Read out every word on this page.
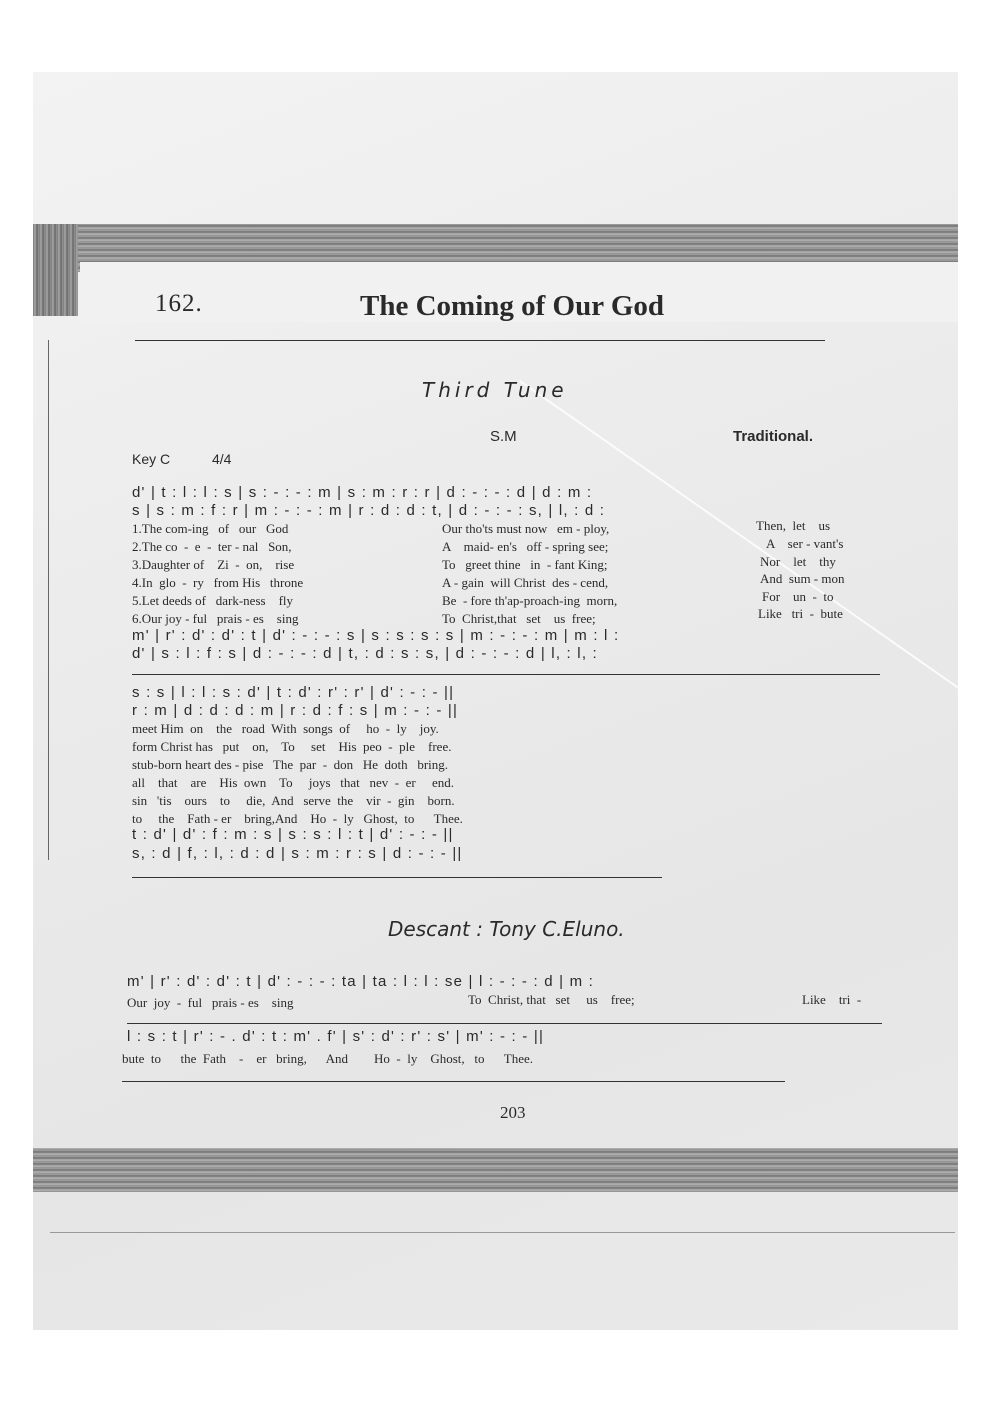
162.	The Coming of Our God
Third Tune
S.M	Traditional.
Key C	4/4
d' | t : l : l : s | s : - : - : m | s : m : r : r | d : - : - : d | d : m :
s | s : m : f : r | m : - : - : m | r : d : d : t, | d : - : - : s, | l, : d :
1.The com-ing   of   our   God	Our tho'ts must now   em - ploy,	Then,  let    us
2.The co  -  e  -  ter - nal   Son,	A    maid- en's   off - spring see;	A    ser - vant's
3.Daughter of    Zi  -  on,    rise	To   greet thine   in  - fant King;	Nor    let    thy
4.In  glo  -  ry   from His   throne	A - gain  will Christ  des - cend,	And  sum - mon
5.Let deeds of   dark-ness    fly	Be  - fore th'ap-proach-ing  morn,	For    un  -  to
6.Our joy - ful   prais - es    sing	To  Christ,that   set    us  free;	Like   tri  -  bute
m' | r' : d' : d' : t | d' : - : - : s | s : s : s : s | m : - : - : m | m : l :
d' | s : l : f : s | d : - : - : d | t, : d : s : s, | d : - : - : d | l, : l, :
s : s | l : l : s : d' | t : d' : r' : r' | d' : - : - ||
r : m | d : d : d : m | r : d : f : s | m : - : - ||
meet Him  on    the   road  With  songs  of     ho  -  ly    joy.
form Christ has   put    on,    To     set    His  peo  -  ple    free.
stub-born heart des - pise   The  par  -  don   He  doth   bring.
all    that    are    His  own    To     joys   that   nev  -  er     end.
sin   'tis    ours    to     die,  And   serve  the    vir  -  gin    born.
to     the    Fath - er    bring,And    Ho  -  ly   Ghost,  to      Thee.
t : d' | d' : f : m : s | s : s : l : t | d' : - : - ||
s, : d | f, : l, : d : d | s : m : r : s | d : - : - ||
Descant : Tony C.Eluno.
m' | r' : d' : d' : t | d' : - : - : ta | ta : l : l : se | l : - : - : d | m :
Our  joy  -  ful   prais - es    sing	To  Christ, that   set     us    free;	Like    tri  -
l : s : t | r' : - . d' : t : m' . f' | s' : d' : r' : s' | m' : - : - ||
bute  to      the  Fath    -    er   bring,      And        Ho  -  ly    Ghost,   to      Thee.
203
